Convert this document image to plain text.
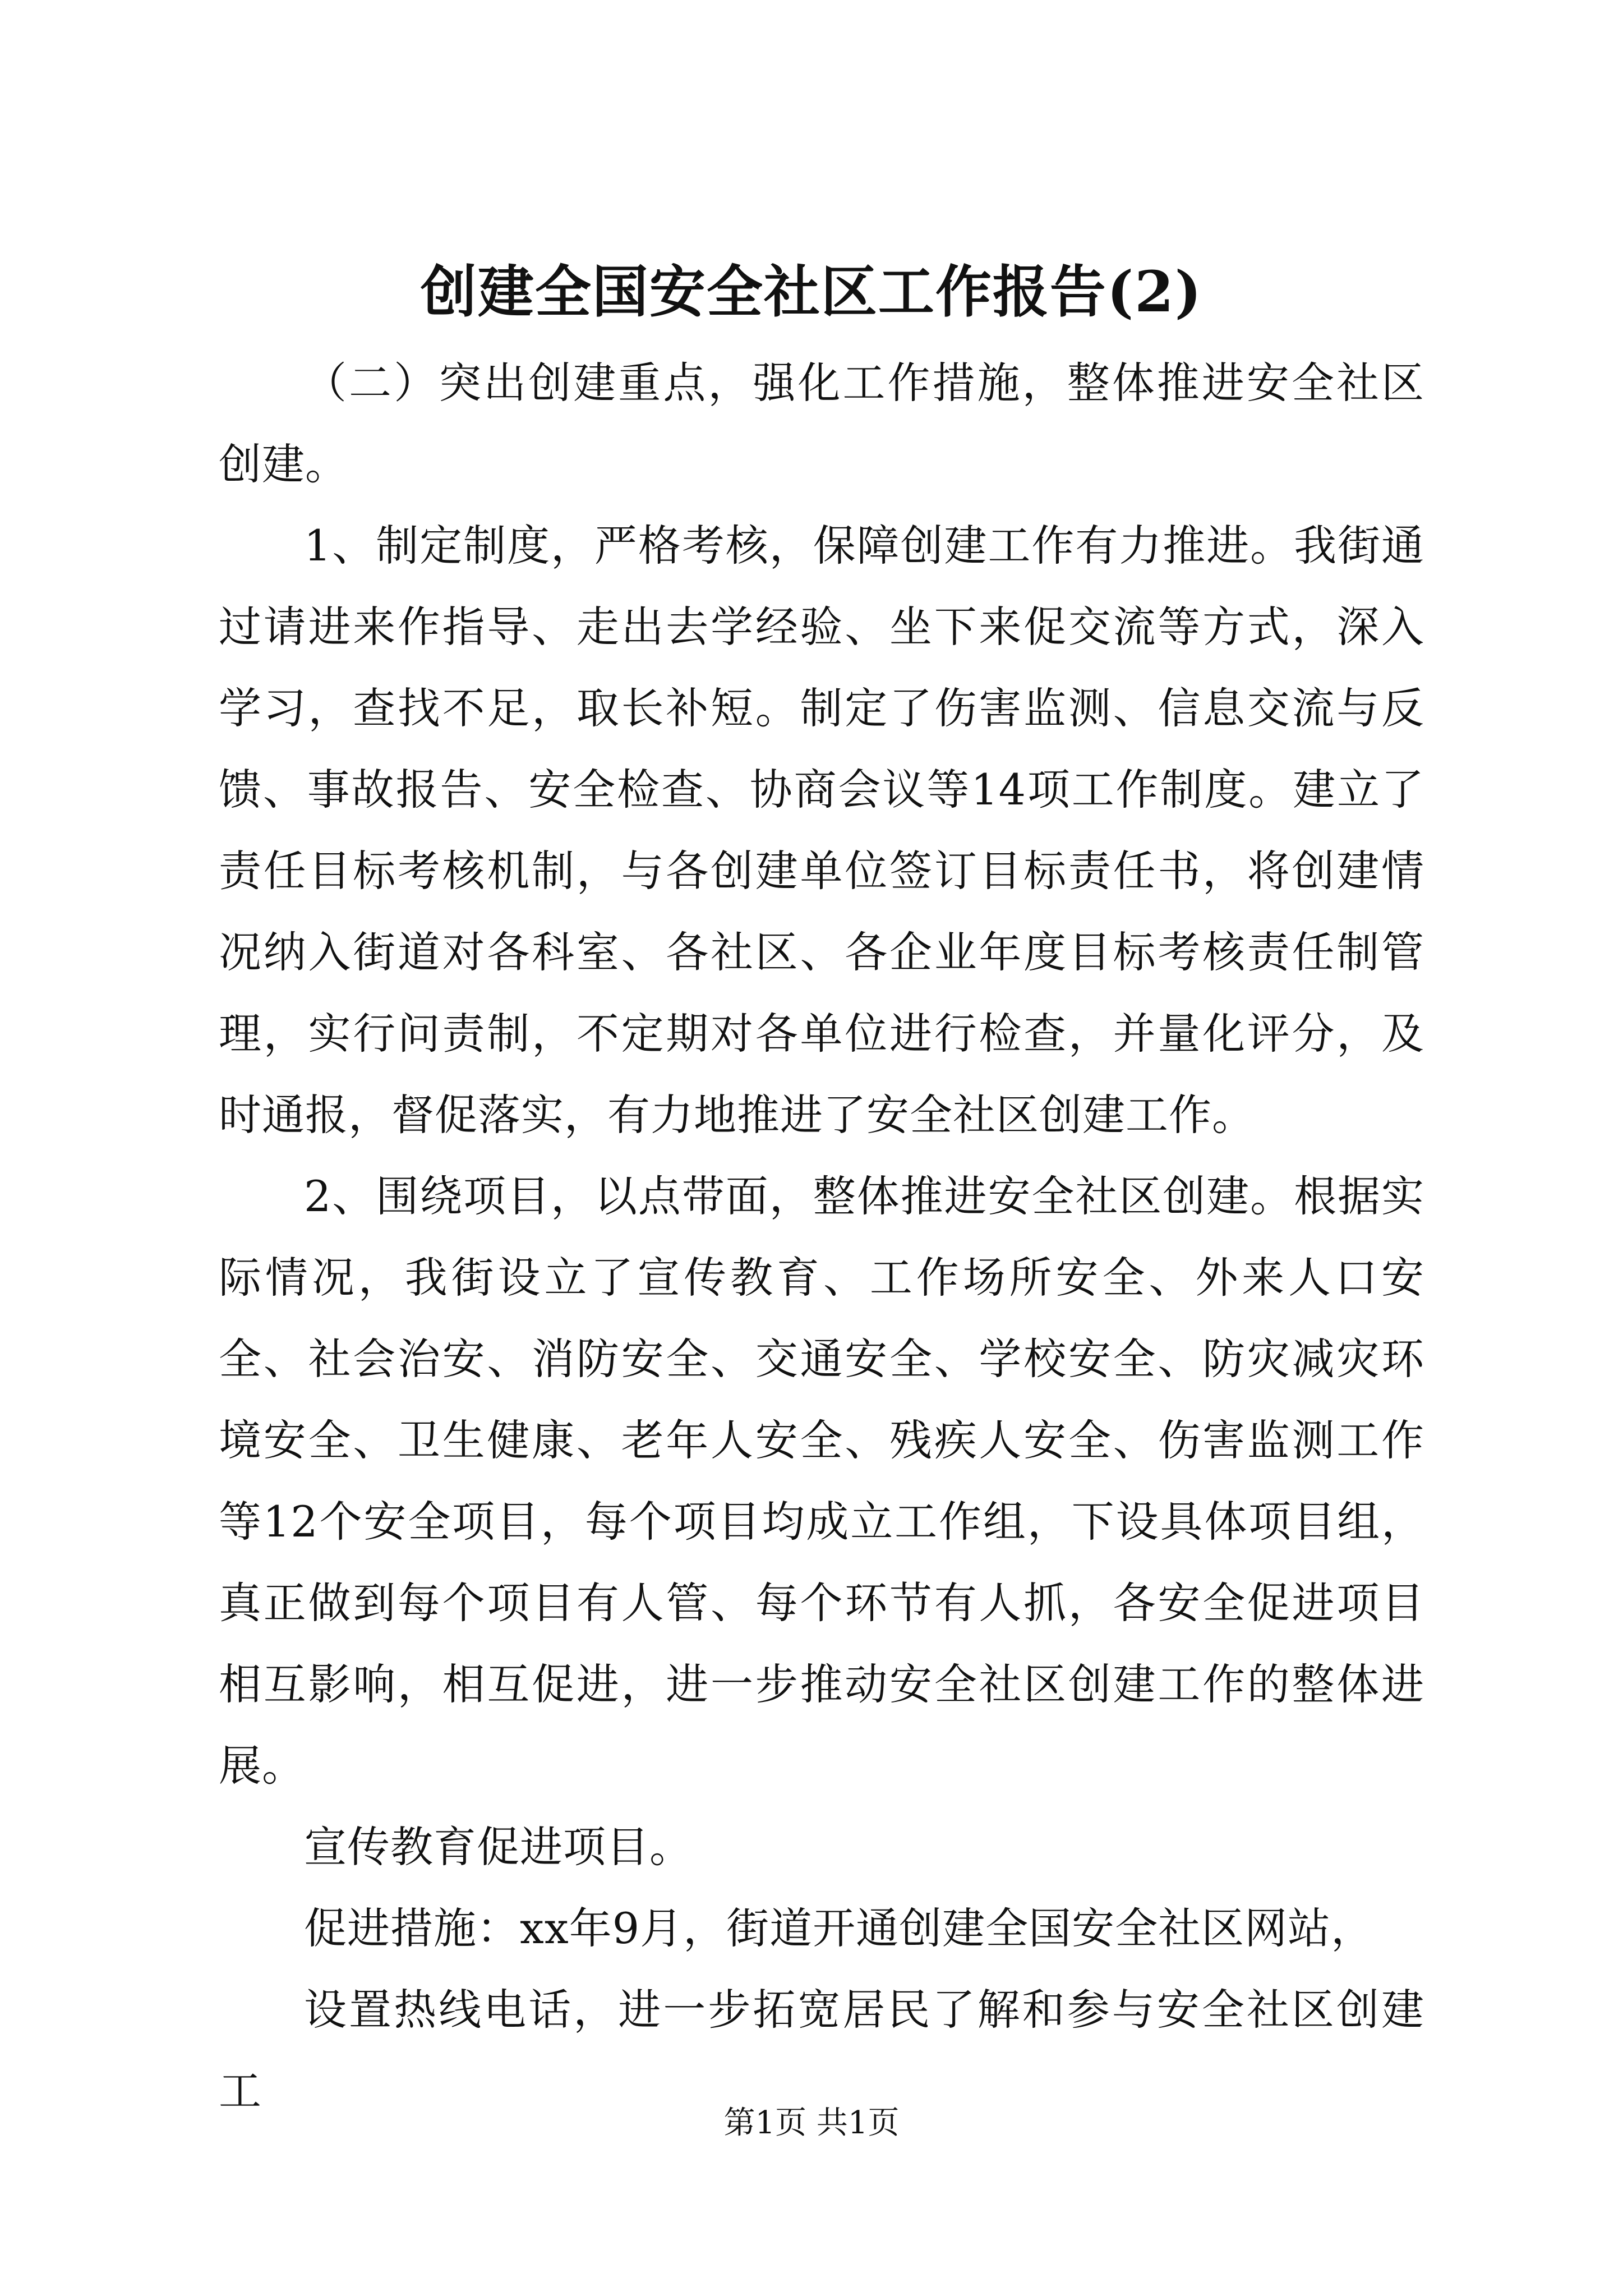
创建全国安全社区工作报告(2)

（二）突出创建重点，强化工作措施，整体推进安全社区创建。

1、制定制度，严格考核，保障创建工作有力推进。我街通过请进来作指导、走出去学经验、坐下来促交流等方式，深入学习，查找不足，取长补短。制定了伤害监测、信息交流与反馈、事故报告、安全检查、协商会议等14项工作制度。建立了责任目标考核机制，与各创建单位签订目标责任书，将创建情况纳入街道对各科室、各社区、各企业年度目标考核责任制管理，实行问责制，不定期对各单位进行检查，并量化评分，及时通报，督促落实，有力地推进了安全社区创建工作。

2、围绕项目，以点带面，整体推进安全社区创建。根据实际情况，我街设立了宣传教育、工作场所安全、外来人口安全、社会治安、消防安全、交通安全、学校安全、防灾减灾环境安全、卫生健康、老年人安全、残疾人安全、伤害监测工作等12个安全项目，每个项目均成立工作组，下设具体项目组，真正做到每个项目有人管、每个环节有人抓，各安全促进项目相互影响，相互促进，进一步推动安全社区创建工作的整体进展。

宣传教育促进项目。

促进措施：xx年9月，街道开通创建全国安全社区网站，

设置热线电话，进一步拓宽居民了解和参与安全社区创建工

第1页 共1页
